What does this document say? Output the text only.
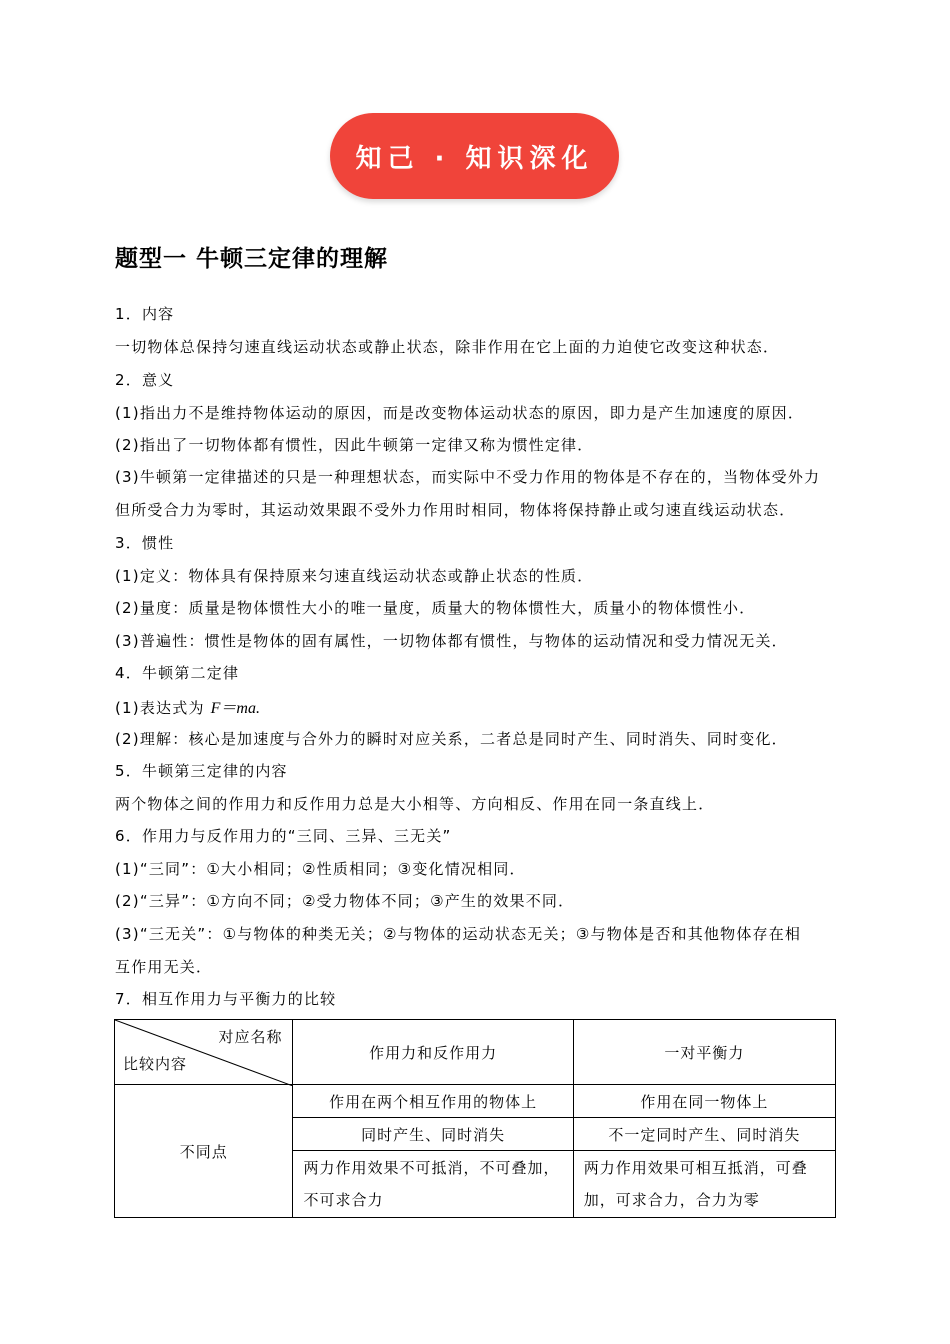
知己 · 知识深化
题型一 牛顿三定律的理解
1．内容
一切物体总保持匀速直线运动状态或静止状态，除非作用在它上面的力迫使它改变这种状态．
2．意义
(1)指出力不是维持物体运动的原因，而是改变物体运动状态的原因，即力是产生加速度的原因．
(2)指出了一切物体都有惯性，因此牛顿第一定律又称为惯性定律．
(3)牛顿第一定律描述的只是一种理想状态，而实际中不受力作用的物体是不存在的，当物体受外力
但所受合力为零时，其运动效果跟不受外力作用时相同，物体将保持静止或匀速直线运动状态．
3．惯性
(1)定义：物体具有保持原来匀速直线运动状态或静止状态的性质．
(2)量度：质量是物体惯性大小的唯一量度，质量大的物体惯性大，质量小的物体惯性小．
(3)普遍性：惯性是物体的固有属性，一切物体都有惯性，与物体的运动情况和受力情况无关．
4．牛顿第二定律
(1)表达式为 F＝ma.
(2)理解：核心是加速度与合外力的瞬时对应关系，二者总是同时产生、同时消失、同时变化．
5．牛顿第三定律的内容
两个物体之间的作用力和反作用力总是大小相等、方向相反、作用在同一条直线上．
6．作用力与反作用力的“三同、三异、三无关”
(1)“三同”：①大小相同；②性质相同；③变化情况相同．
(2)“三异”：①方向不同；②受力物体不同；③产生的效果不同．
(3)“三无关”：①与物体的种类无关；②与物体的运动状态无关；③与物体是否和其他物体存在相
互作用无关．
7．相互作用力与平衡力的比较
对应名称
比较内容	作用力和反作用力	一对平衡力
不同点	作用在两个相互作用的物体上	作用在同一物体上
	同时产生、同时消失	不一定同时产生、同时消失
	两力作用效果不可抵消，不可叠加，不可求合力	两力作用效果可相互抵消，可叠加，可求合力，合力为零
